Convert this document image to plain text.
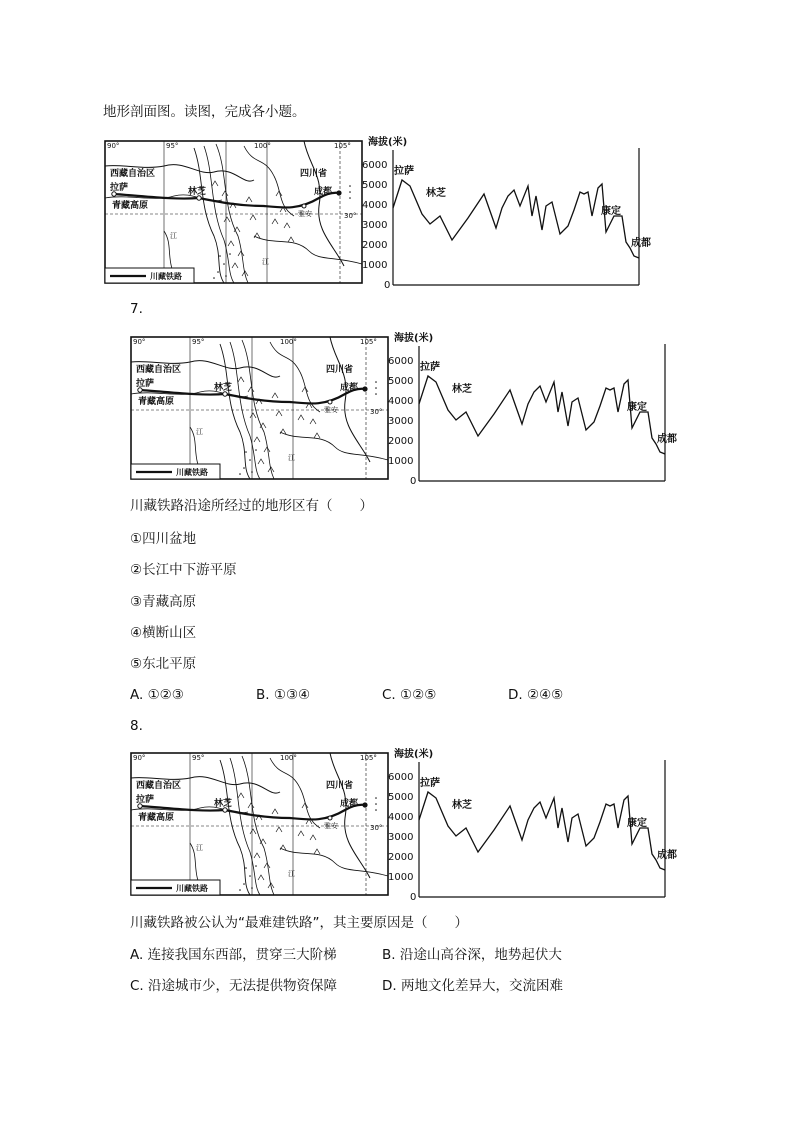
地形剖面图。读图，完成各小题。
90°	95°	100°	105°
30°
西藏自治区	四川省
拉萨	林芝	成都
雅安
青藏高原
江
江
川藏铁路
海拔(米)
6000
5000
4000
3000
2000
1000
0
拉萨
林芝
康定
成都
90°	95°	100°	105°
30°
西藏自治区	四川省
拉萨	林芝	成都
雅安
青藏高原
江
江
川藏铁路
海拔(米)
6000
5000
4000
3000
2000
1000
0
拉萨
林芝
康定
成都
90°	95°	100°	105°
30°
西藏自治区	四川省
拉萨	林芝	成都
雅安
青藏高原
江
江
川藏铁路
海拔(米)
6000
5000
4000
3000
2000
1000
0
拉萨
林芝
康定
成都
7.
川藏铁路沿途所经过的地形区有（　　）
①四川盆地
②长江中下游平原
③青藏高原
④横断山区
⑤东北平原
A. ①②③	B. ①③④	C. ①②⑤	D. ②④⑤
8.
川藏铁路被公认为“最难建铁路”，其主要原因是（　　）
A. 连接我国东西部，贯穿三大阶梯	B. 沿途山高谷深，地势起伏大
C. 沿途城市少，无法提供物资保障	D. 两地文化差异大，交流困难
